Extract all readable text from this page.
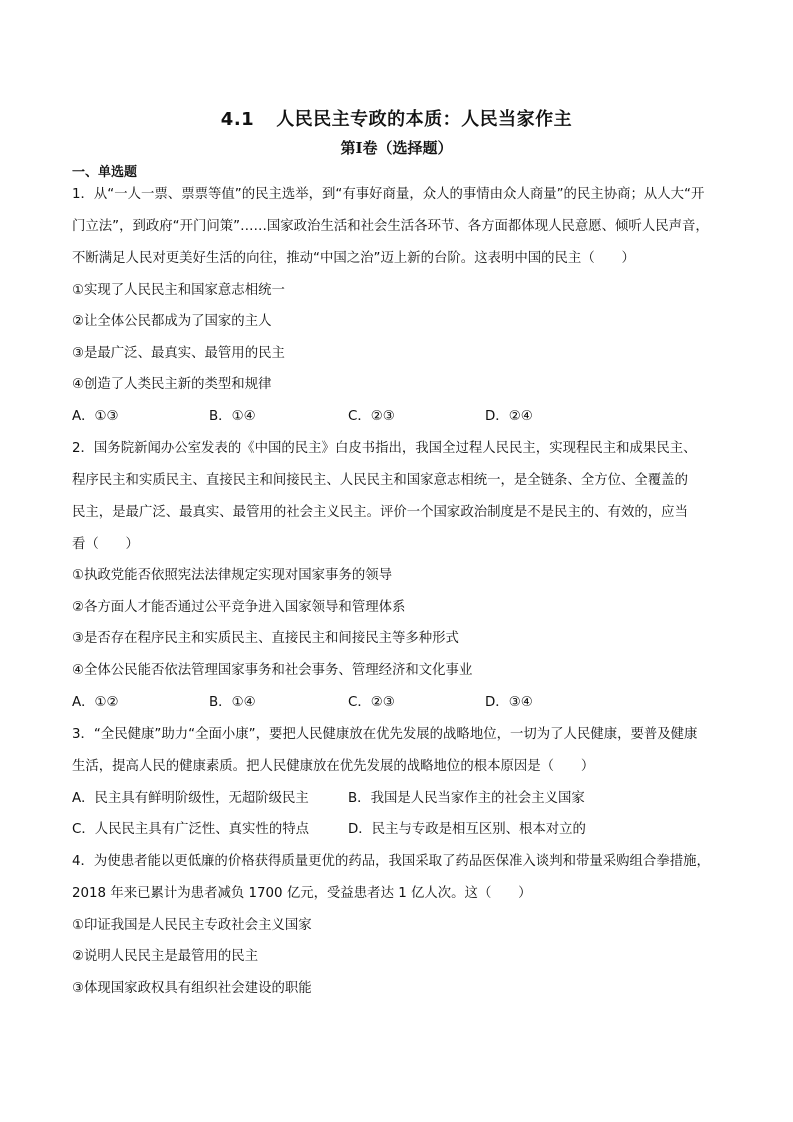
4.1 人民民主专政的本质：人民当家作主
第Ⅰ卷（选择题）
一、单选题
1．从“一人一票、票票等值”的民主选举，到“有事好商量，众人的事情由众人商量”的民主协商；从人大“开
门立法”，到政府“开门问策”……国家政治生活和社会生活各环节、各方面都体现人民意愿、倾听人民声音，
不断满足人民对更美好生活的向往，推动“中国之治”迈上新的台阶。这表明中国的民主（　　）
①实现了人民民主和国家意志相统一
②让全体公民都成为了国家的主人
③是最广泛、最真实、最管用的民主
④创造了人类民主新的类型和规律
A．①③	B．①④	C．②③	D．②④
2．国务院新闻办公室发表的《中国的民主》白皮书指出，我国全过程人民民主，实现程民主和成果民主、
程序民主和实质民主、直接民主和间接民主、人民民主和国家意志相统一，是全链条、全方位、全覆盖的
民主，是最广泛、最真实、最管用的社会主义民主。评价一个国家政治制度是不是民主的、有效的，应当
看（　　）
①执政党能否依照宪法法律规定实现对国家事务的领导
②各方面人才能否通过公平竞争进入国家领导和管理体系
③是否存在程序民主和实质民主、直接民主和间接民主等多种形式
④全体公民能否依法管理国家事务和社会事务、管理经济和文化事业
A．①②	B．①④	C．②③	D．③④
3．“全民健康”助力“全面小康”，要把人民健康放在优先发展的战略地位，一切为了人民健康，要普及健康
生活，提高人民的健康素质。把人民健康放在优先发展的战略地位的根本原因是（　　）
A．民主具有鲜明阶级性，无超阶级民主	B．我国是人民当家作主的社会主义国家
C．人民民主具有广泛性、真实性的特点	D．民主与专政是相互区别、根本对立的
4．为使患者能以更低廉的价格获得质量更优的药品，我国采取了药品医保准入谈判和带量采购组合拳措施，
2018 年来已累计为患者减负 1700 亿元，受益患者达 1 亿人次。这（　　）
①印证我国是人民民主专政社会主义国家
②说明人民民主是最管用的民主
③体现国家政权具有组织社会建设的职能
